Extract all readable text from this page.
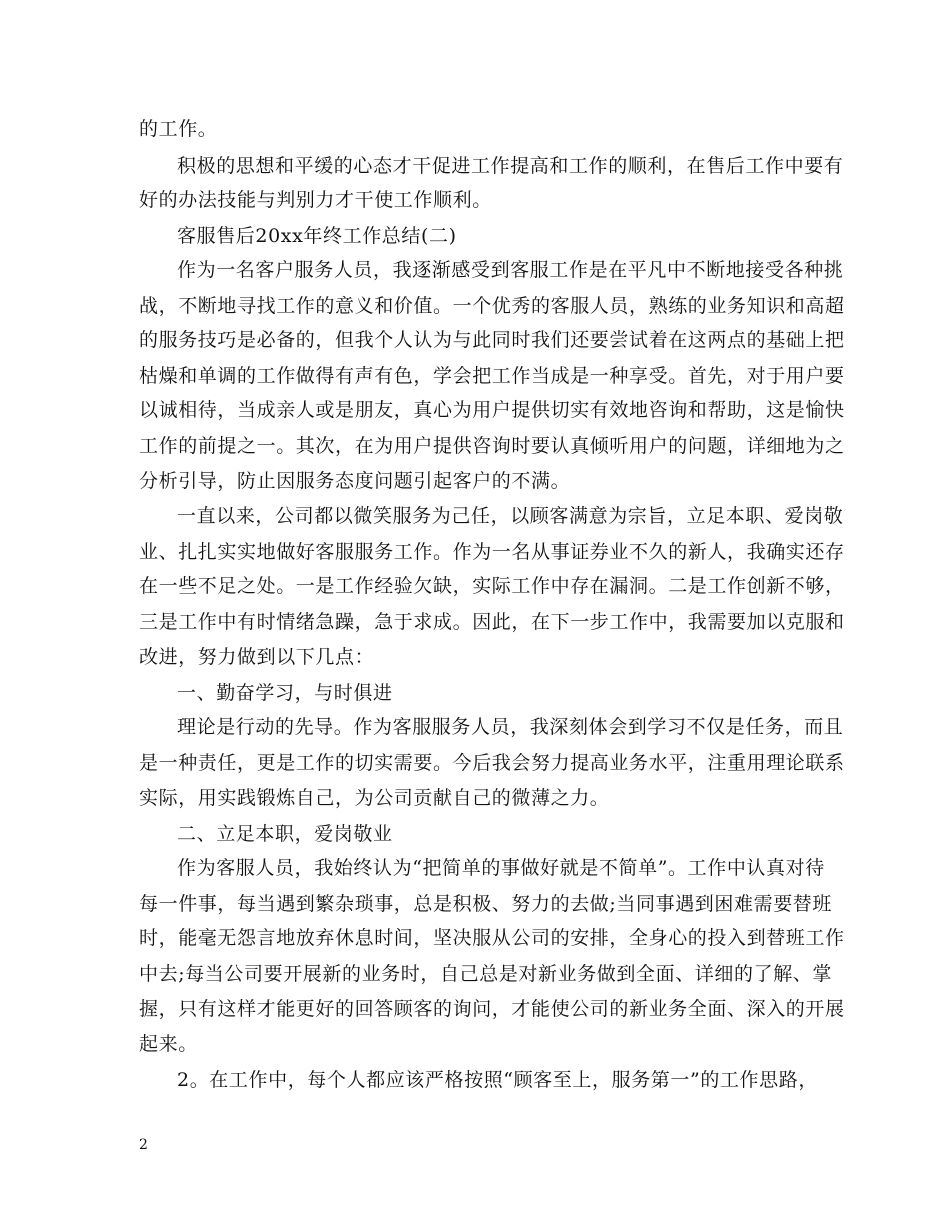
的工作。
积极的思想和平缓的心态才干促进工作提高和工作的顺利，在售后工作中要有
好的办法技能与判别力才干使工作顺利。
客服售后20xx年终工作总结(二)
作为一名客户服务人员，我逐渐感受到客服工作是在平凡中不断地接受各种挑
战，不断地寻找工作的意义和价值。一个优秀的客服人员，熟练的业务知识和高超
的服务技巧是必备的，但我个人认为与此同时我们还要尝试着在这两点的基础上把
枯燥和单调的工作做得有声有色，学会把工作当成是一种享受。首先，对于用户要
以诚相待，当成亲人或是朋友，真心为用户提供切实有效地咨询和帮助，这是愉快
工作的前提之一。其次，在为用户提供咨询时要认真倾听用户的问题，详细地为之
分析引导，防止因服务态度问题引起客户的不满。
一直以来，公司都以微笑服务为己任，以顾客满意为宗旨，立足本职、爱岗敬
业、扎扎实实地做好客服服务工作。作为一名从事证券业不久的新人，我确实还存
在一些不足之处。一是工作经验欠缺，实际工作中存在漏洞。二是工作创新不够，
三是工作中有时情绪急躁，急于求成。因此，在下一步工作中，我需要加以克服和
改进，努力做到以下几点：
一、勤奋学习，与时俱进
理论是行动的先导。作为客服服务人员，我深刻体会到学习不仅是任务，而且
是一种责任，更是工作的切实需要。今后我会努力提高业务水平，注重用理论联系
实际，用实践锻炼自己，为公司贡献自己的微薄之力。
二、立足本职，爱岗敬业
作为客服人员，我始终认为“把简单的事做好就是不简单”。工作中认真对待
每一件事，每当遇到繁杂琐事，总是积极、努力的去做;当同事遇到困难需要替班
时，能毫无怨言地放弃休息时间，坚决服从公司的安排，全身心的投入到替班工作
中去;每当公司要开展新的业务时，自己总是对新业务做到全面、详细的了解、掌
握，只有这样才能更好的回答顾客的询问，才能使公司的新业务全面、深入的开展
起来。
2。在工作中，每个人都应该严格按照“顾客至上，服务第一”的工作思路，
2
